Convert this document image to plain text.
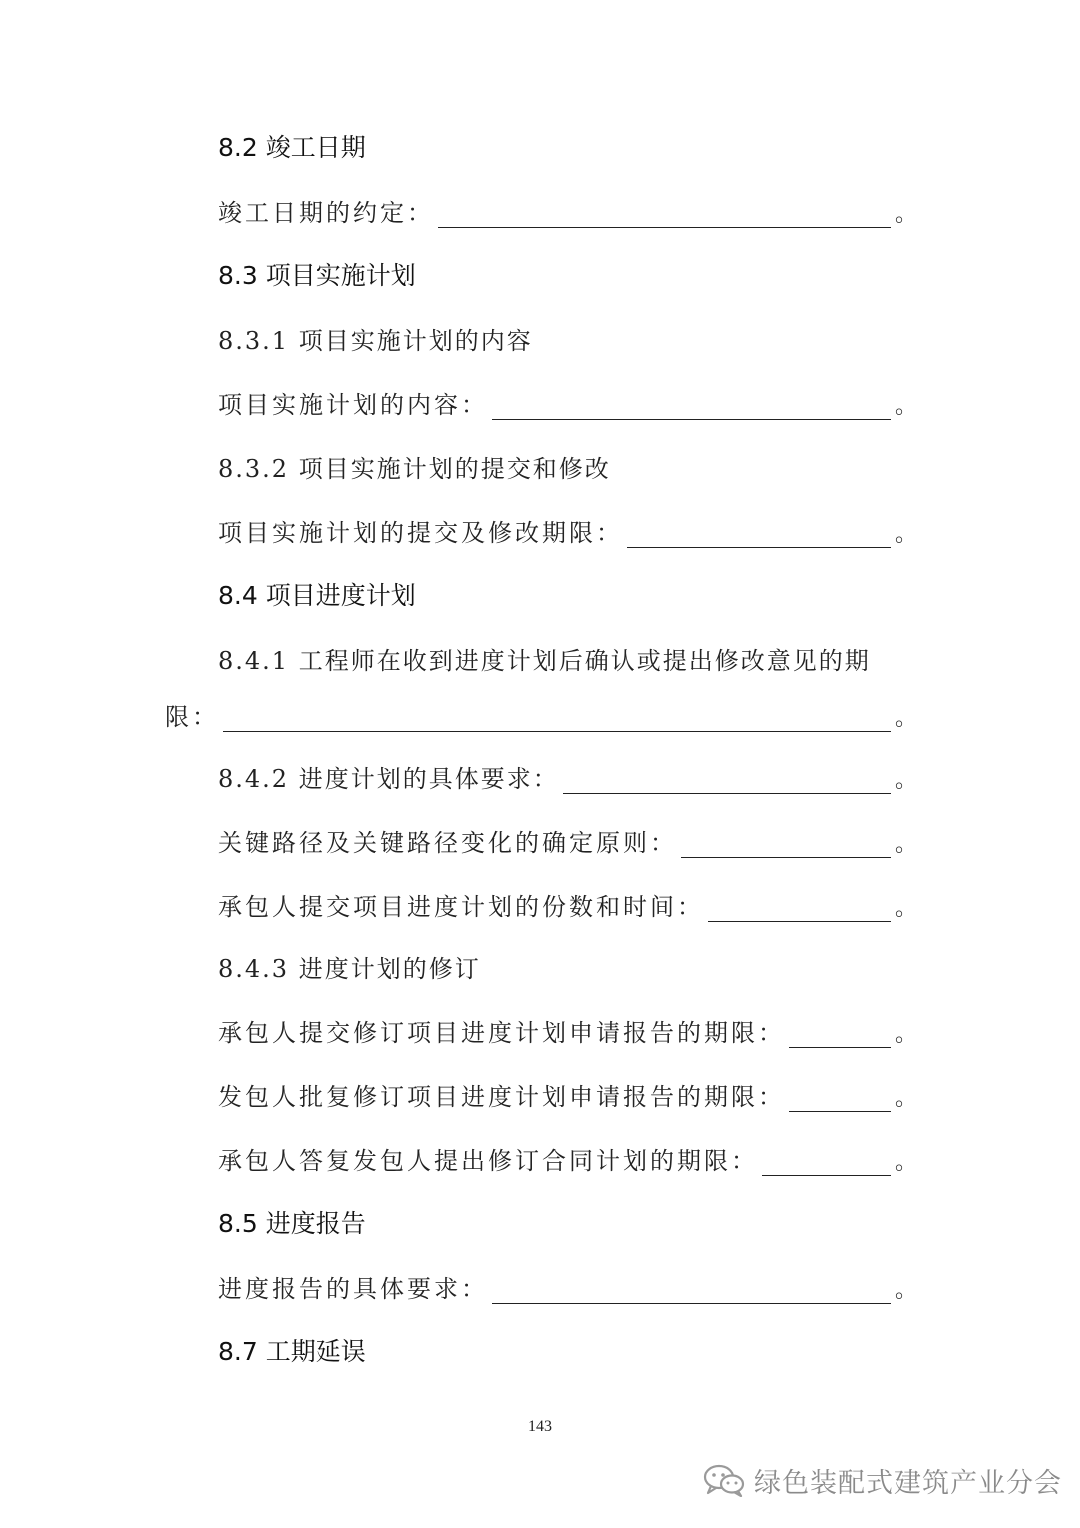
8.2 竣工日期
竣工日期的约定：	。
8.3 项目实施计划
8.3.1 项目实施计划的内容
项目实施计划的内容：	。
8.3.2 项目实施计划的提交和修改
项目实施计划的提交及修改期限：	。
8.4 项目进度计划
8.4.1 工程师在收到进度计划后确认或提出修改意见的期
限：	。
8.4.2 进度计划的具体要求：	。
关键路径及关键路径变化的确定原则：	。
承包人提交项目进度计划的份数和时间：	。
8.4.3 进度计划的修订
承包人提交修订项目进度计划申请报告的期限：	。
发包人批复修订项目进度计划申请报告的期限：	。
承包人答复发包人提出修订合同计划的期限：	。
8.5 进度报告
进度报告的具体要求：	。
8.7 工期延误
143
绿色装配式建筑产业分会
